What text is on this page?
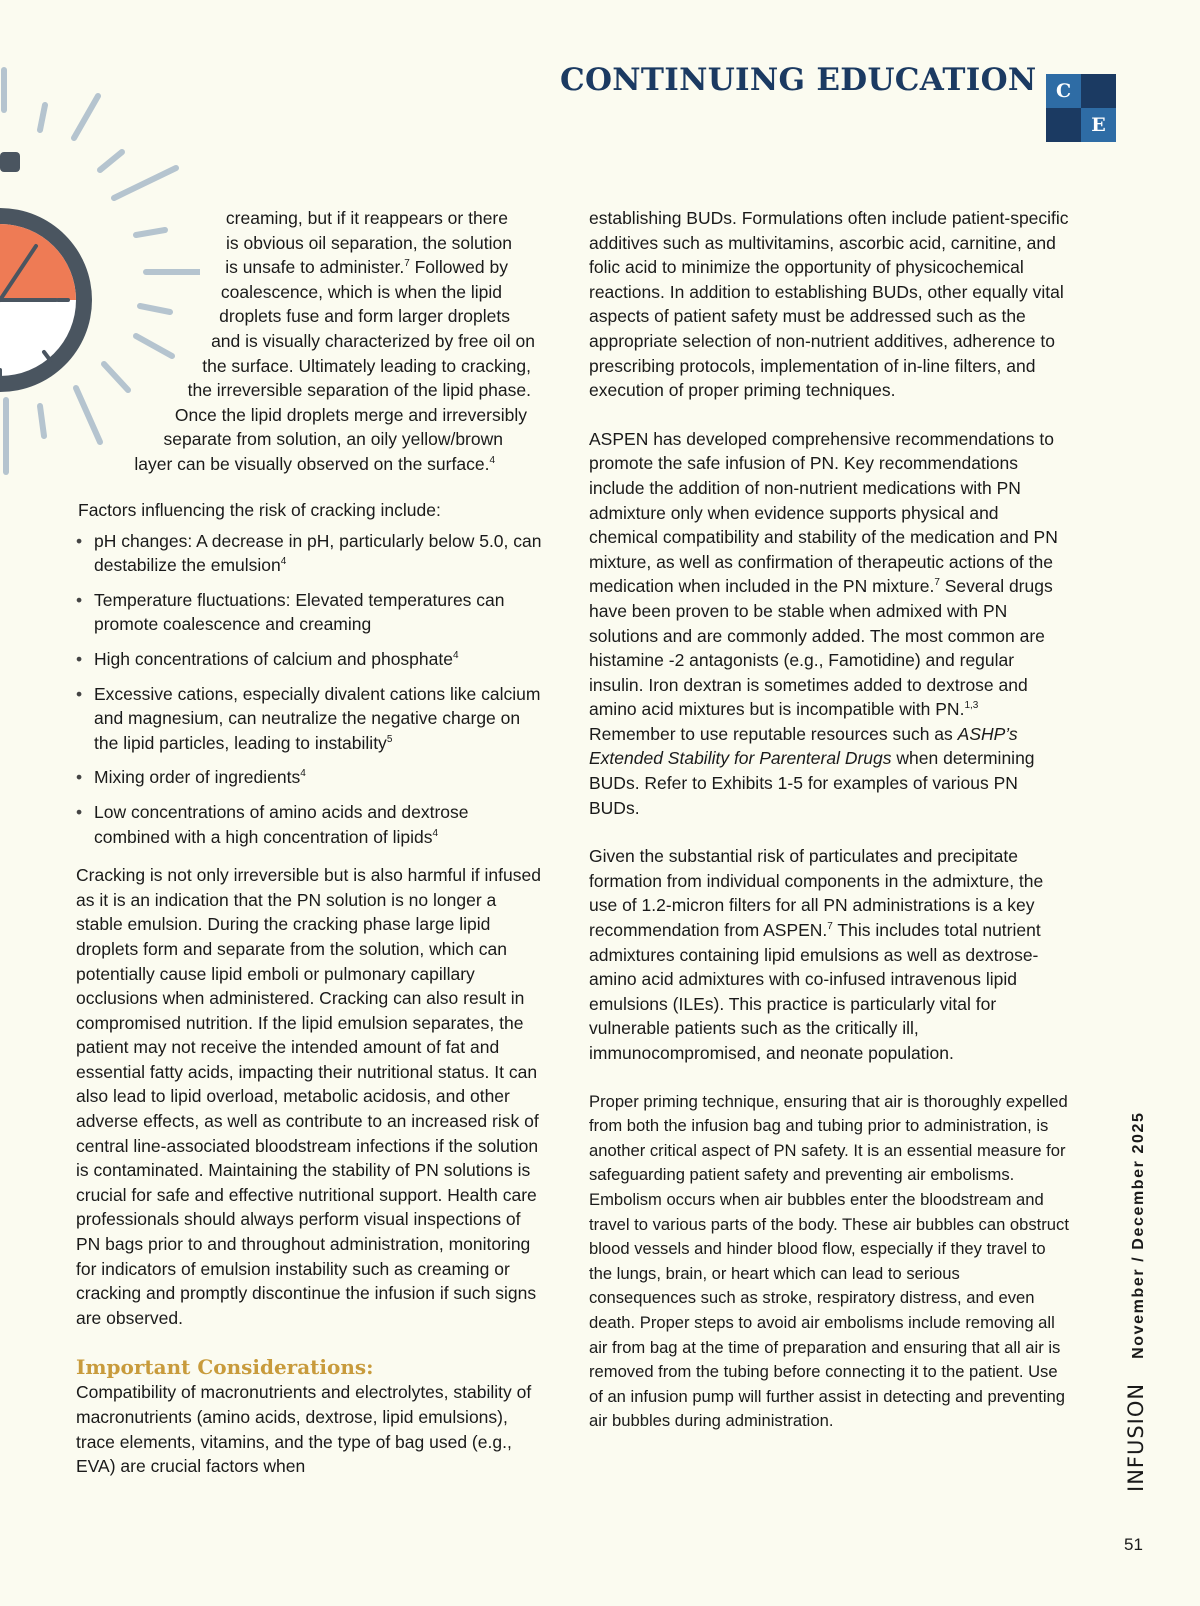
CONTINUING EDUCATION	C
E
creaming, but if it reappears or there
is obvious oil separation, the solution
is unsafe to administer.$^7$ Followed by
coalescence, which is when the lipid
droplets fuse and form larger droplets
and is visually characterized by free oil on
the surface. Ultimately leading to cracking,
the irreversible separation of the lipid phase.
Once the lipid droplets merge and irreversibly
separate from solution, an oily yellow/brown
layer can be visually observed on the surface.$^4$

Factors influencing the risk of cracking include:

• pH changes: A decrease in pH, particularly below 5.0, can destabilize the emulsion$^4$
• Temperature fluctuations: Elevated temperatures can promote coalescence and creaming
• High concentrations of calcium and phosphate$^4$
• Excessive cations, especially divalent cations like calcium and magnesium, can neutralize the negative charge on the lipid particles, leading to instability$^5$
• Mixing order of ingredients$^4$
• Low concentrations of amino acids and dextrose combined with a high concentration of lipids$^4$

Cracking is not only irreversible but is also harmful if infused as it is an indication that the PN solution is no longer a stable emulsion. During the cracking phase large lipid droplets form and separate from the solution, which can potentially cause lipid emboli or pulmonary capillary occlusions when administered. Cracking can also result in compromised nutrition. If the lipid emulsion separates, the patient may not receive the intended amount of fat and essential fatty acids, impacting their nutritional status. It can also lead to lipid overload, metabolic acidosis, and other adverse effects, as well as contribute to an increased risk of central line-associated bloodstream infections if the solution is contaminated. Maintaining the stability of PN solutions is crucial for safe and effective nutritional support. Health care professionals should always perform visual inspections of PN bags prior to and throughout administration, monitoring for indicators of emulsion instability such as creaming or cracking and promptly discontinue the infusion if such signs are observed.

Important Considerations:

Compatibility of macronutrients and electrolytes, stability of macronutrients (amino acids, dextrose, lipid emulsions), trace elements, vitamins, and the type of bag used (e.g., EVA) are crucial factors when

establishing BUDs. Formulations often include patient-specific additives such as multivitamins, ascorbic acid, carnitine, and folic acid to minimize the opportunity of physicochemical reactions. In addition to establishing BUDs, other equally vital aspects of patient safety must be addressed such as the appropriate selection of non-nutrient additives, adherence to prescribing protocols, implementation of in-line filters, and execution of proper priming techniques.

ASPEN has developed comprehensive recommendations to promote the safe infusion of PN. Key recommendations include the addition of non-nutrient medications with PN admixture only when evidence supports physical and chemical compatibility and stability of the medication and PN mixture, as well as confirmation of therapeutic actions of the medication when included in the PN mixture.$^7$ Several drugs have been proven to be stable when admixed with PN solutions and are commonly added. The most common are histamine -2 antagonists (e.g., Famotidine) and regular insulin. Iron dextran is sometimes added to dextrose and amino acid mixtures but is incompatible with PN.$^{1,3}$ Remember to use reputable resources such as ASHP’s Extended Stability for Parenteral Drugs when determining BUDs. Refer to Exhibits 1-5 for examples of various PN BUDs.

Given the substantial risk of particulates and precipitate formation from individual components in the admixture, the use of 1.2-micron filters for all PN administrations is a key recommendation from ASPEN.$^7$ This includes total nutrient admixtures containing lipid emulsions as well as dextrose-amino acid admixtures with co-infused intravenous lipid emulsions (ILEs). This practice is particularly vital for vulnerable patients such as the critically ill, immunocompromised, and neonate population.

Proper priming technique, ensuring that air is thoroughly expelled from both the infusion bag and tubing prior to administration, is another critical aspect of PN safety. It is an essential measure for safeguarding patient safety and preventing air embolisms. Embolism occurs when air bubbles enter the bloodstream and travel to various parts of the body. These air bubbles can obstruct blood vessels and hinder blood flow, especially if they travel to the lungs, brain, or heart which can lead to serious consequences such as stroke, respiratory distress, and even death. Proper steps to avoid air embolisms include removing all air from bag at the time of preparation and ensuring that all air is removed from the tubing before connecting it to the patient. Use of an infusion pump will further assist in detecting and preventing air bubbles during administration.	INFUSIONNovember / December 2025
51
